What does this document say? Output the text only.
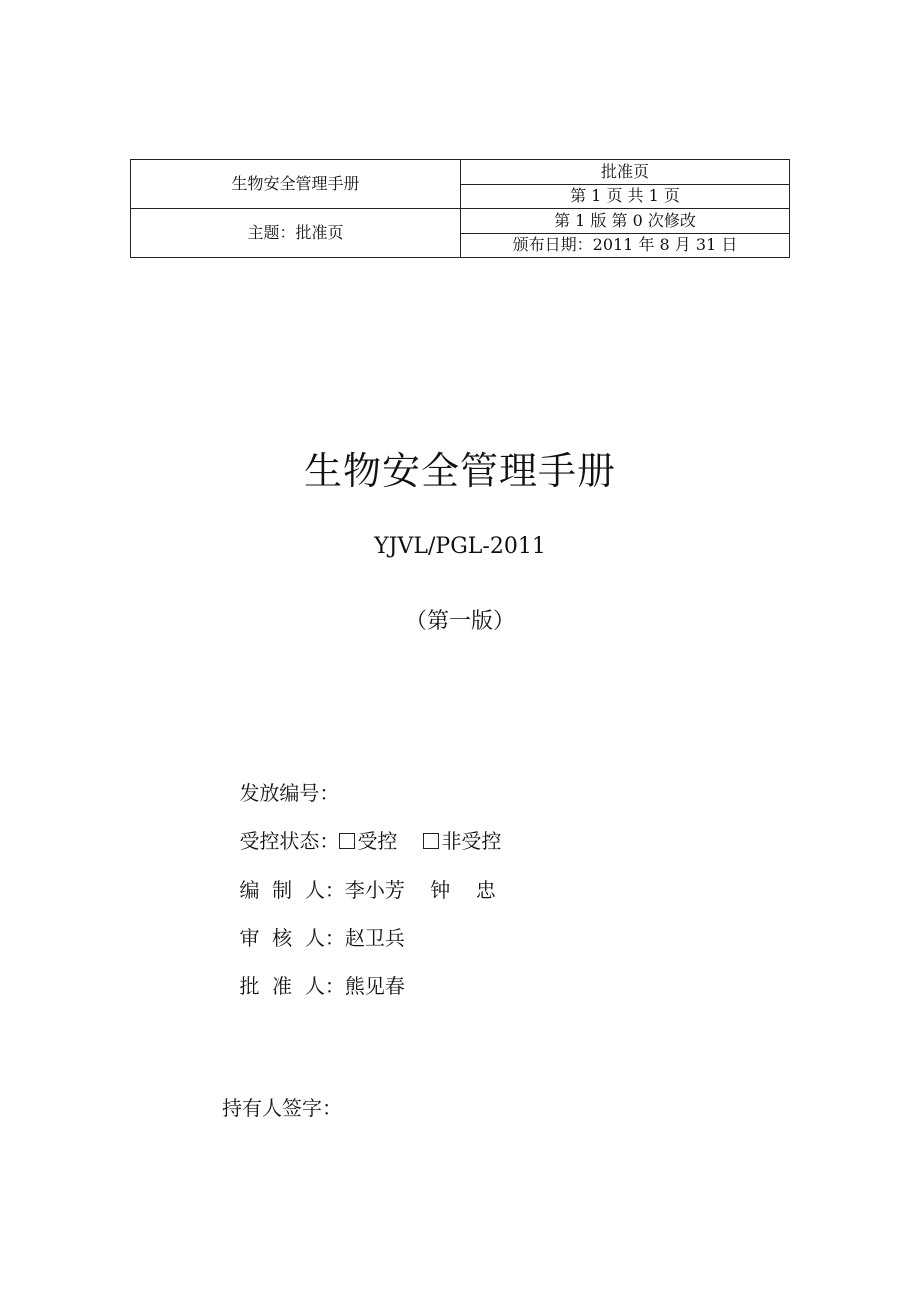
生物安全管理手册	批准页
	第 1 页 共 1 页
主题：批准页	第 1 版 第 0 次修改
	颁布日期：2011 年 8 月 31 日
生物安全管理手册
YJVL/PGL-2011
（第一版）

发放编号：

受控状态： 受控 非受控

编  制  人：李小芳    钟    忠

审  核  人：赵卫兵

批  准  人：熊见春

持有人签字：
